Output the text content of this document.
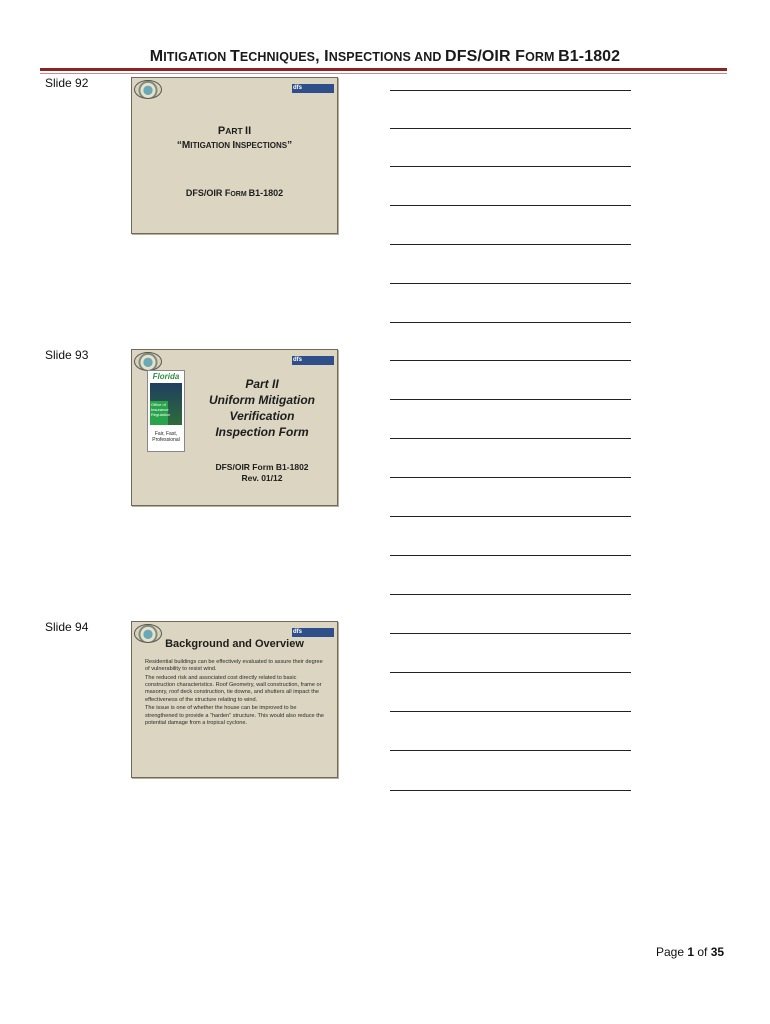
MITIGATION TECHNIQUES, INSPECTIONS AND DFS/OIR FORM B1-1802
Slide 92	dfs
PART II
“MITIGATION INSPECTIONS”
DFS/OIR FORM B1-1802
Slide 93	dfs
Florida
Office of Insurance Regulation
Fair, Fast, Professional
Part II
Uniform Mitigation
Verification
Inspection Form
DFS/OIR Form B1-1802
Rev. 01/12
Slide 94	dfs
Background and Overview

Residential buildings can be effectively evaluated to assure their degree of vulnerability to resist wind.

The reduced risk and associated cost directly related to basic construction characteristics. Roof Geometry, wall construction, frame or masonry, roof deck construction, tie downs, and shutters all impact the effectiveness of the structure relating to wind.

The issue is one of whether the house can be improved to be strengthened to provide a “harden” structure. This would also reduce the potential damage from a tropical cyclone.

Page 1 of 35
